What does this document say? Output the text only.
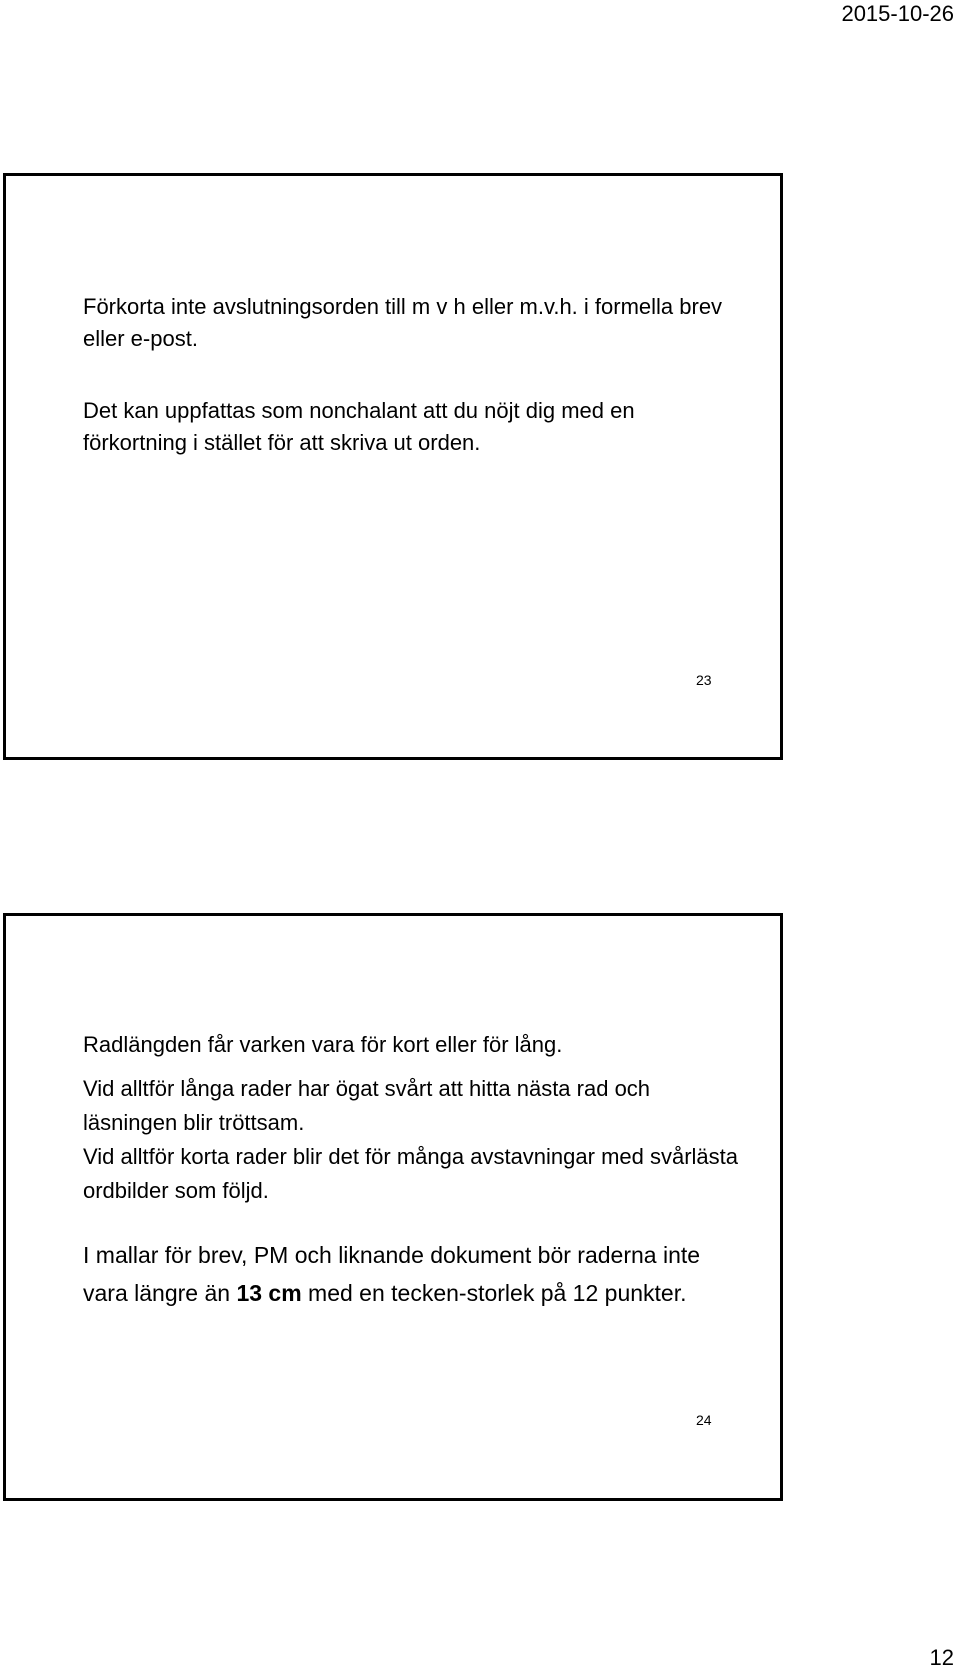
2015-10-26

Förkorta inte avslutningsorden till m v h eller m.v.h. i formella brev eller e-post.

Det kan uppfattas som nonchalant att du nöjt dig med en förkortning i stället för att skriva ut orden.

23

Radlängden får varken vara för kort eller för lång.

Vid alltför långa rader har ögat svårt att hitta nästa rad och läsningen blir tröttsam.

Vid alltför korta rader blir det för många avstavningar med svårlästa ordbilder som följd.

I mallar för brev, PM och liknande dokument bör raderna inte vara längre än 13 cm med en tecken-storlek på 12 punkter.

24
12
